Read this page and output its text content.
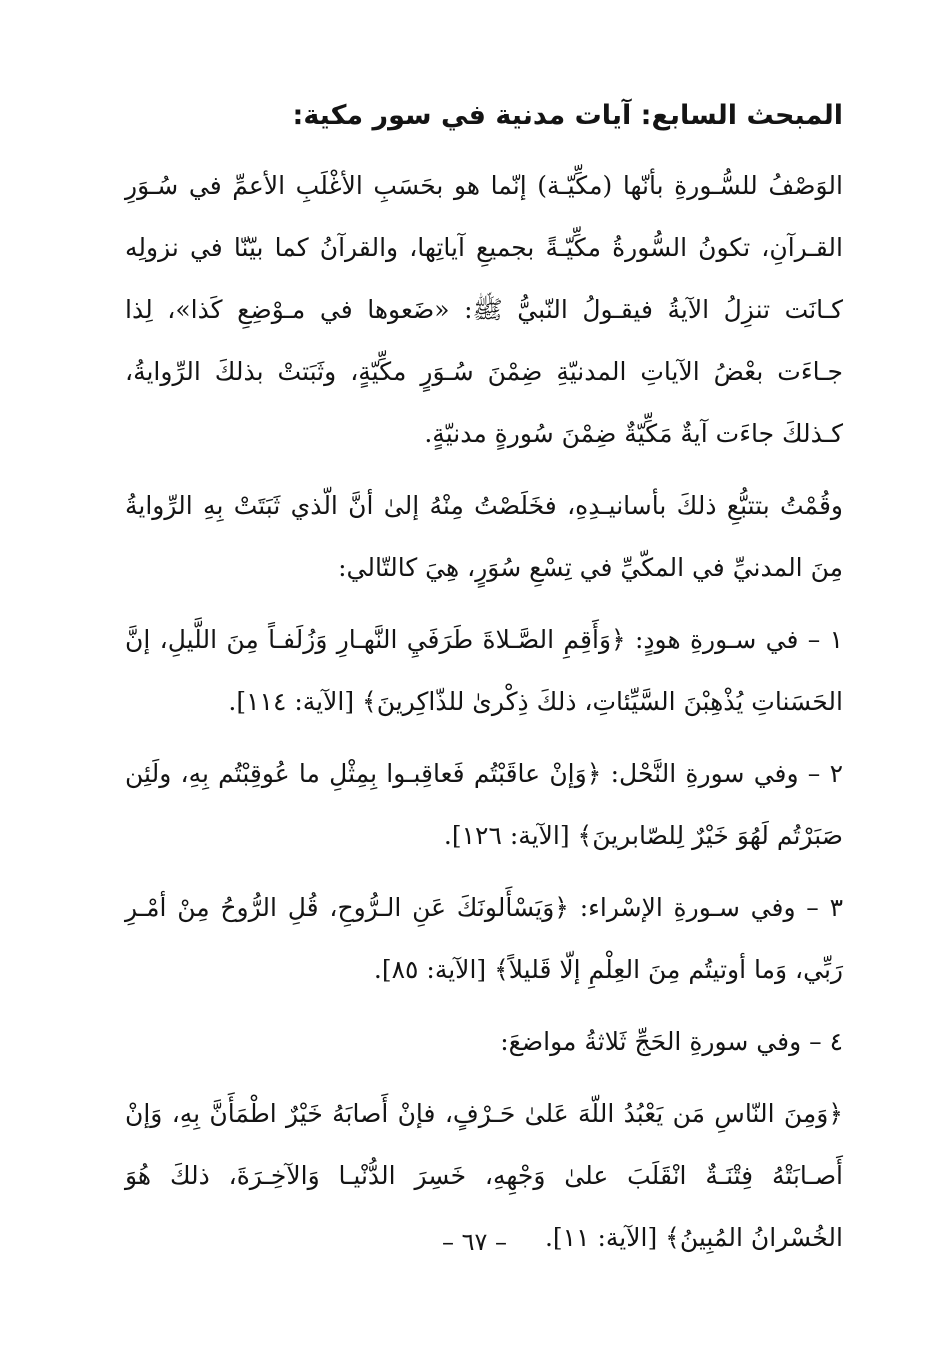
المبحث السابع: آيات مدنية في سور مكية:

الوَصْفُ للسُّـورةِ بأنّها (مكِّيّـة) إنّما هو بحَسَبِ الأغْلَبِ الأعمِّ في سُـوَرِ القـرآنِ، تكونُ السُّورةُ مكِّيّـةً بجميعِ آياتِها، والقرآنُ كما بيّنّا في نزولِه كـانَت تنزِلُ الآيةُ فيقـولُ النّبيُّ ﷺ: «ضَعوها في مـوْضِعِ كَذا»، لِذا جـاءَت بعْضُ الآياتِ المدنيّةِ ضِمْنَ سُـوَرٍ مكِّيّةٍ، وثَبَتتْ بذلكَ الرِّوايةُ، كـذلكَ جاءَت آيةٌ مَكِّيّةٌ ضِمْنَ سُورةٍ مدنيّةٍ.

وقُمْتُ بتتبُّعِ ذلكَ بأسانيـدِهِ، فخَلَصْتُ مِنْهُ إلىٰ أنَّ الّذي ثَبَتَتْ بِهِ الرِّوايةُ مِنَ المدنيِّ في المكّيِّ في تِسْعِ سُوَرٍ، هِيَ كالتّالي:

١ – في سـورةِ هودٍ: ﴿وَأَقِمِ الصَّـلاةَ طَرَفَيِ النَّهـارِ وَزُلَفـاً مِنَ اللَّيلِ، إنَّ الحَسَناتِ يُذْهِبْنَ السَّيِّئاتِ، ذلكَ ذِكْرىٰ للذّاكِرينَ﴾ [الآية: ١١٤].

٢ – وفي سورةِ النَّحْل: ﴿وَإنْ عاقَبْتُم فَعاقِبـوا بِمِثْلِ ما عُوقِبْتُم بِهِ، ولَئِن صَبَرْتُم لَهُوَ خَيْرٌ لِلصّابرينَ﴾ [الآية: ١٢٦].

٣ – وفي سـورةِ الإسْراء: ﴿وَيَسْأَلونَكَ عَنِ الـرُّوحِ، قُلِ الرُّوحُ مِنْ أمْـرِ رَبِّي، وَما أوتيتُم مِنَ العِلْمِ إلّا قَليلاً﴾ [الآية: ٨٥].

٤ – وفي سورةِ الحَجِّ ثَلاثةُ مواضعَ:

﴿وَمِنَ النّاسِ مَن يَعْبُدُ اللّهَ عَلىٰ حَـرْفٍ، فإنْ أَصابَهُ خَيْرٌ اطْمَأَنَّ بِهِ، وَإنْ أَصـابَتْهُ فِتْنَـةٌ انْقَلَبَ علىٰ وَجْهِهِ، خَسِرَ الدُّنْيـا وَالآخِـرَةَ، ذلكَ هُوَ الخُسْرانُ المُبِينُ﴾ [الآية: ١١].

– ٦٧ –
